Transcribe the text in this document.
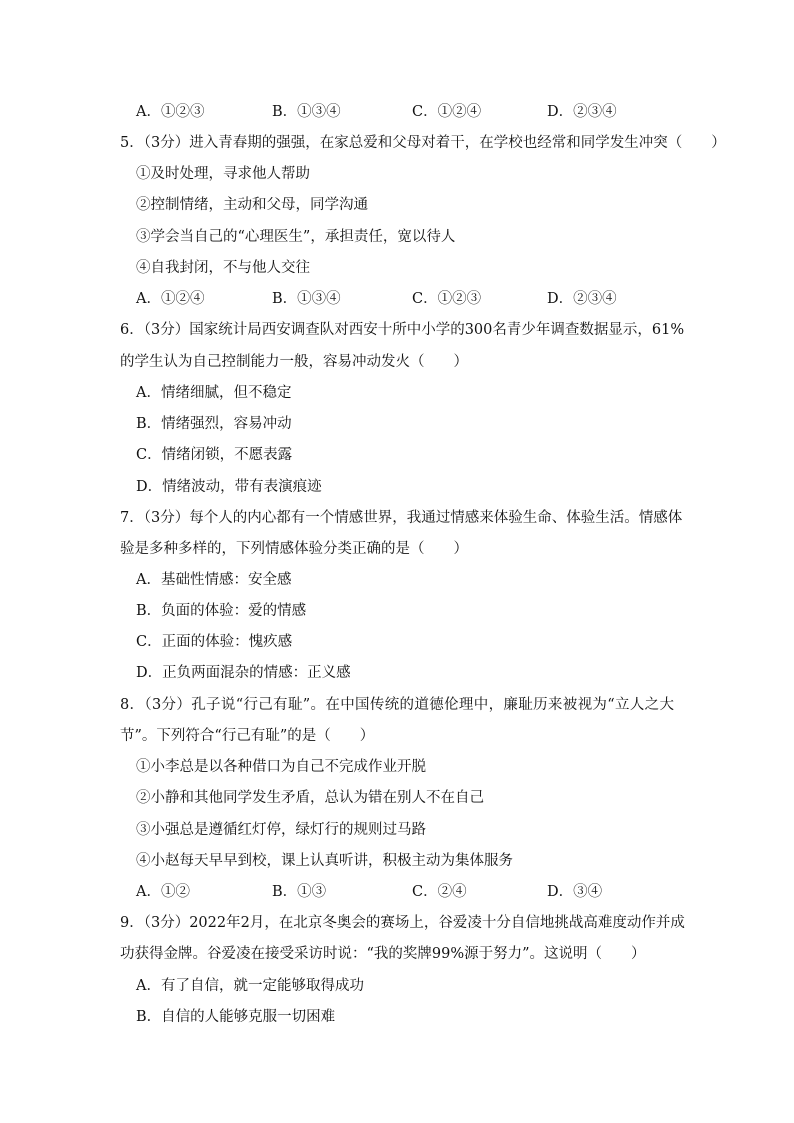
A．①②③	B．①③④	C．①②④	D．②③④
5．（3分）进入青春期的强强，在家总爱和父母对着干，在学校也经常和同学发生冲突（　　）
①及时处理，寻求他人帮助
②控制情绪，主动和父母，同学沟通
③学会当自己的“心理医生”，承担责任，宽以待人
④自我封闭，不与他人交往
A．①②④	B．①③④	C．①②③	D．②③④
6．（3分）国家统计局西安调查队对西安十所中小学的300名青少年调查数据显示，61%
的学生认为自己控制能力一般，容易冲动发火（　　）
A．情绪细腻，但不稳定
B．情绪强烈，容易冲动
C．情绪闭锁，不愿表露
D．情绪波动，带有表演痕迹
7．（3分）每个人的内心都有一个情感世界，我通过情感来体验生命、体验生活。情感体
验是多种多样的，下列情感体验分类正确的是（　　）
A．基础性情感：安全感
B．负面的体验：爱的情感
C．正面的体验：愧疚感
D．正负两面混杂的情感：正义感
8．（3分）孔子说“行己有耻”。在中国传统的道德伦理中，廉耻历来被视为“立人之大
节”。下列符合“行己有耻”的是（　　）
①小李总是以各种借口为自己不完成作业开脱
②小静和其他同学发生矛盾，总认为错在别人不在自己
③小强总是遵循红灯停，绿灯行的规则过马路
④小赵每天早早到校，课上认真听讲，积极主动为集体服务
A．①②	B．①③	C．②④	D．③④
9．（3分）2022年2月，在北京冬奥会的赛场上，谷爱凌十分自信地挑战高难度动作并成
功获得金牌。谷爱凌在接受采访时说：“我的奖牌99%源于努力”。这说明（　　）
A．有了自信，就一定能够取得成功
B．自信的人能够克服一切困难
